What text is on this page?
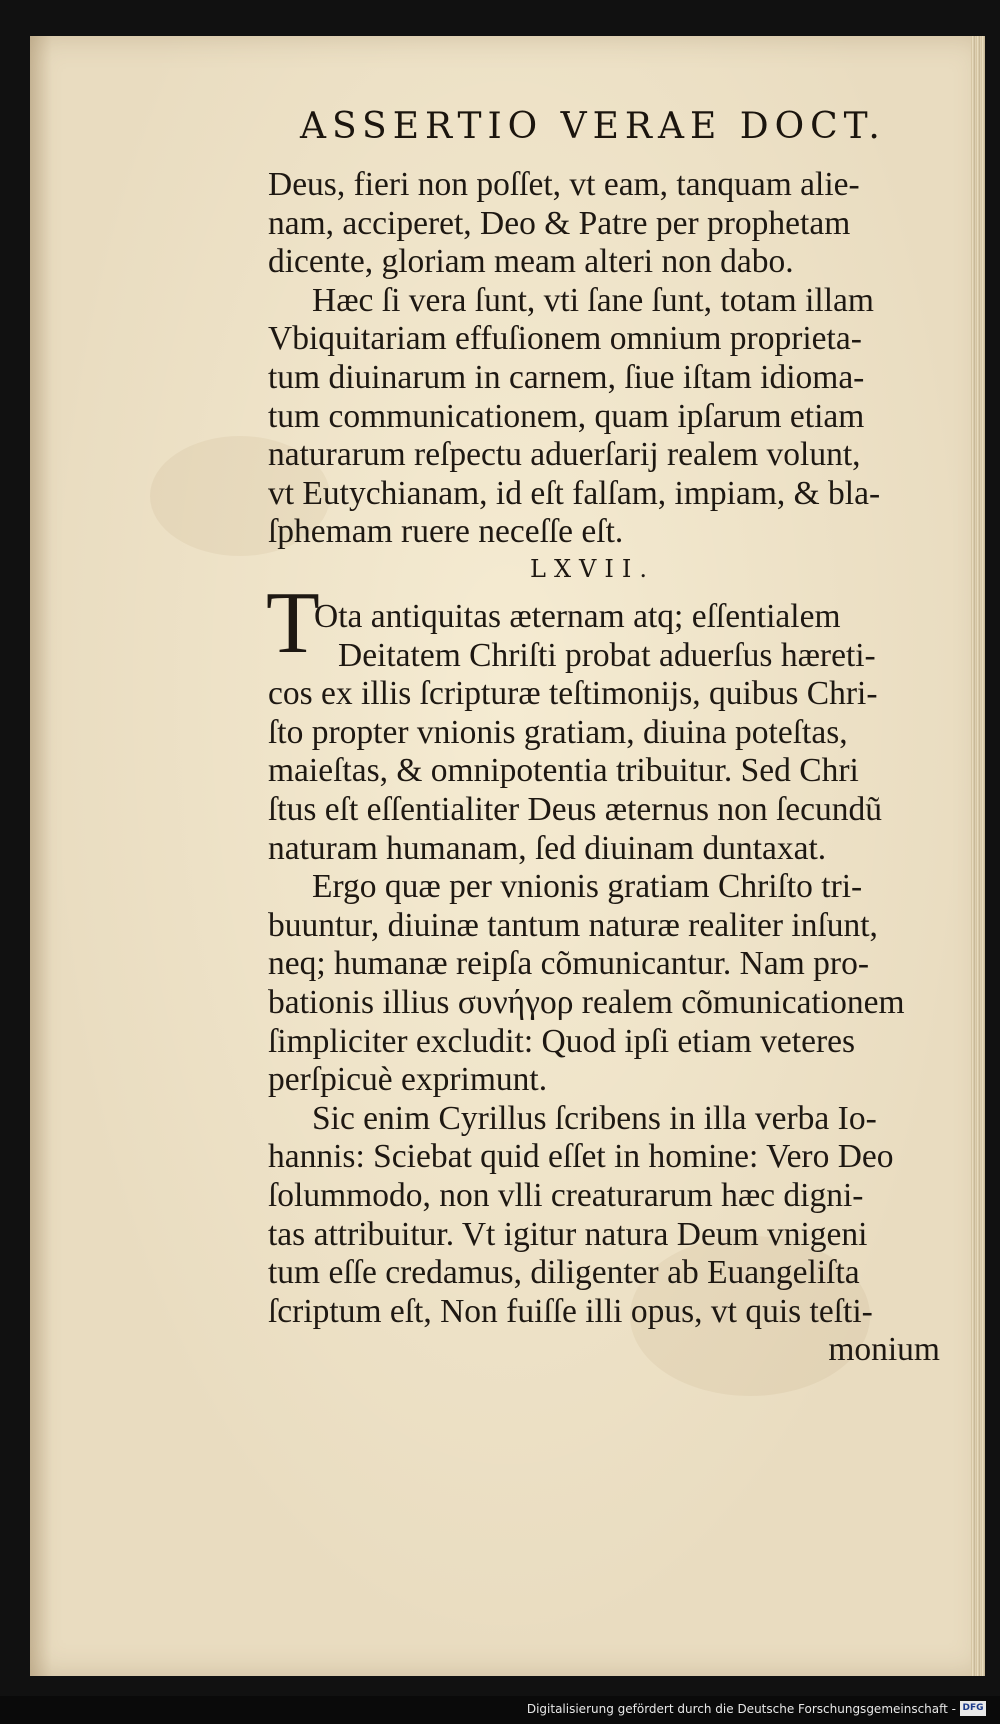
ASSERTIO VERAE DOCT.
Deus, fieri non poſſet, vt eam, tanquam alie-
nam, acciperet, Deo & Patre per prophetam
dicente, gloriam meam alteri non dabo.
Hæc ſi vera ſunt, vti ſane ſunt, totam illam
Vbiquitariam effuſionem omnium proprieta-
tum diuinarum in carnem, ſiue iſtam idioma-
tum communicationem, quam ipſarum etiam
naturarum reſpectu aduerſarij realem volunt,
vt Eutychianam, id eſt falſam, impiam, & bla-
ſphemam ruere neceſſe eſt.
LXVII.
T
Ota antiquitas æternam atq; eſſentialem
Deitatem Chriſti probat aduerſus hæreti-
cos ex illis ſcripturæ teſtimonijs, quibus Chri-
ſto propter vnionis gratiam, diuina poteſtas,
maieſtas, & omnipotentia tribuitur. Sed Chri
ſtus eſt eſſentialiter Deus æternus non ſecundũ
naturam humanam, ſed diuinam duntaxat.
Ergo quæ per vnionis gratiam Chriſto tri-
buuntur, diuinæ tantum naturæ realiter inſunt,
neq; humanæ reipſa cõmunicantur. Nam pro-
bationis illius συνήγορ realem cõmunicationem
ſimpliciter excludit: Quod ipſi etiam veteres
perſpicuè exprimunt.
Sic enim Cyrillus ſcribens in illa verba Io-
hannis: Sciebat quid eſſet in homine: Vero Deo
ſolummodo, non vlli creaturarum hæc digni-
tas attribuitur. Vt igitur natura Deum vnigeni
tum eſſe credamus, diligenter ab Euangeliſta
ſcriptum eſt, Non fuiſſe illi opus, vt quis teſti-
monium
Digitalisierung gefördert durch die Deutsche Forschungsgemeinschaft - DFG
